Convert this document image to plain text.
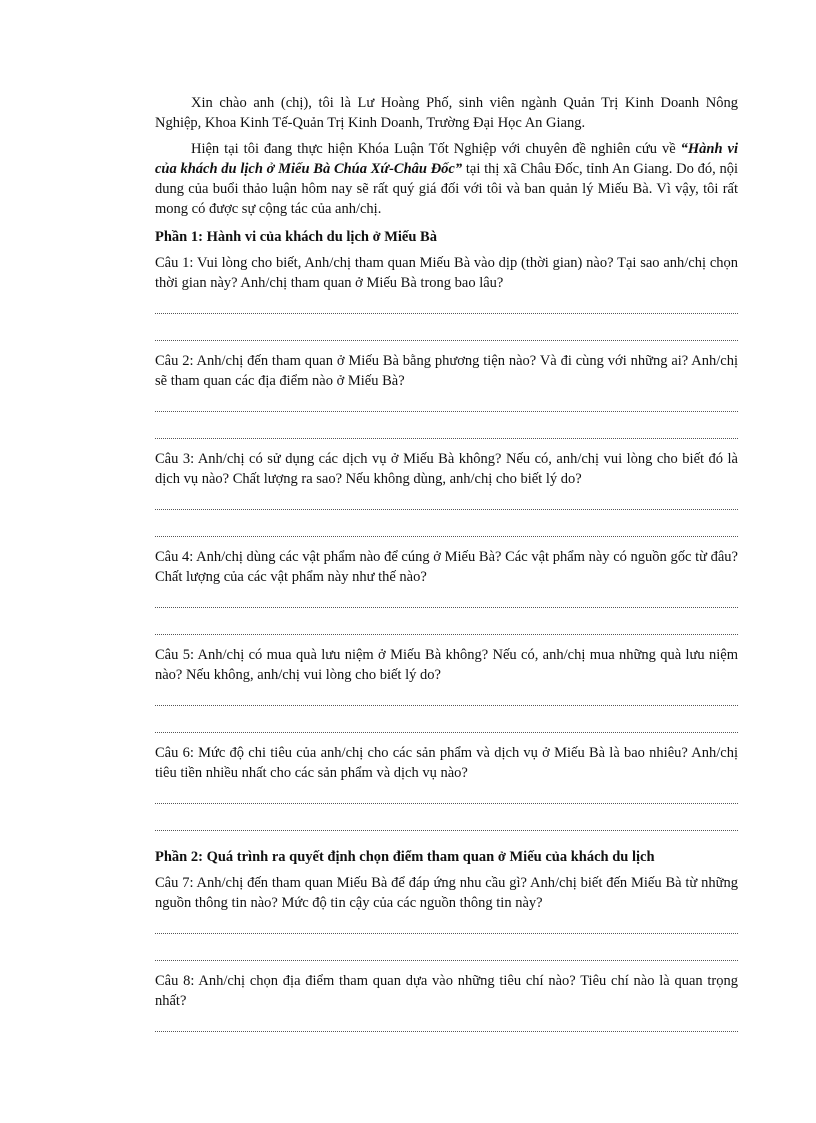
Xin chào anh (chị), tôi là Lư Hoàng Phố, sinh viên ngành Quản Trị Kinh Doanh Nông Nghiệp, Khoa Kinh Tế-Quản Trị Kinh Doanh, Trường Đại Học An Giang.

Hiện tại tôi đang thực hiện Khóa Luận Tốt Nghiệp với chuyên đề nghiên cứu về “Hành vi của khách du lịch ở Miếu Bà Chúa Xứ-Châu Đốc” tại thị xã Châu Đốc, tỉnh An Giang. Do đó, nội dung của buổi thảo luận hôm nay sẽ rất quý giá đối với tôi và ban quản lý Miếu Bà. Vì vậy, tôi rất mong có được sự cộng tác của anh/chị.

Phần 1: Hành vi của khách du lịch ở Miếu Bà

Câu 1: Vui lòng cho biết, Anh/chị tham quan Miếu Bà vào dịp (thời gian) nào? Tại sao anh/chị chọn thời gian này? Anh/chị tham quan ở Miếu Bà trong bao lâu?

Câu 2: Anh/chị đến tham quan ở Miếu Bà bằng phương tiện nào? Và đi cùng với những ai? Anh/chị sẽ tham quan các địa điểm nào ở Miếu Bà?

Câu 3: Anh/chị có sử dụng các dịch vụ ở Miếu Bà không? Nếu có, anh/chị vui lòng cho biết đó là dịch vụ nào? Chất lượng ra sao? Nếu không dùng, anh/chị cho biết lý do?

Câu 4: Anh/chị dùng các vật phẩm nào để cúng ở Miếu Bà? Các vật phẩm này có nguồn gốc từ đâu? Chất lượng của các vật phẩm này như thế nào?

Câu 5: Anh/chị có mua quà lưu niệm ở Miếu Bà không? Nếu có, anh/chị mua những quà lưu niệm nào? Nếu không, anh/chị vui lòng cho biết lý do?

Câu 6: Mức độ chi tiêu của anh/chị cho các sản phẩm và dịch vụ ở Miếu Bà là bao nhiêu? Anh/chị tiêu tiền nhiều nhất cho các sản phẩm và dịch vụ nào?

Phần 2: Quá trình ra quyết định chọn điểm tham quan ở Miếu của khách du lịch

Câu 7: Anh/chị đến tham quan Miếu Bà để đáp ứng nhu cầu gì? Anh/chị biết đến Miếu Bà từ những nguồn thông tin nào? Mức độ tin cậy của các nguồn thông tin này?

Câu 8: Anh/chị chọn địa điểm tham quan dựa vào những tiêu chí nào? Tiêu chí nào là quan trọng nhất?
